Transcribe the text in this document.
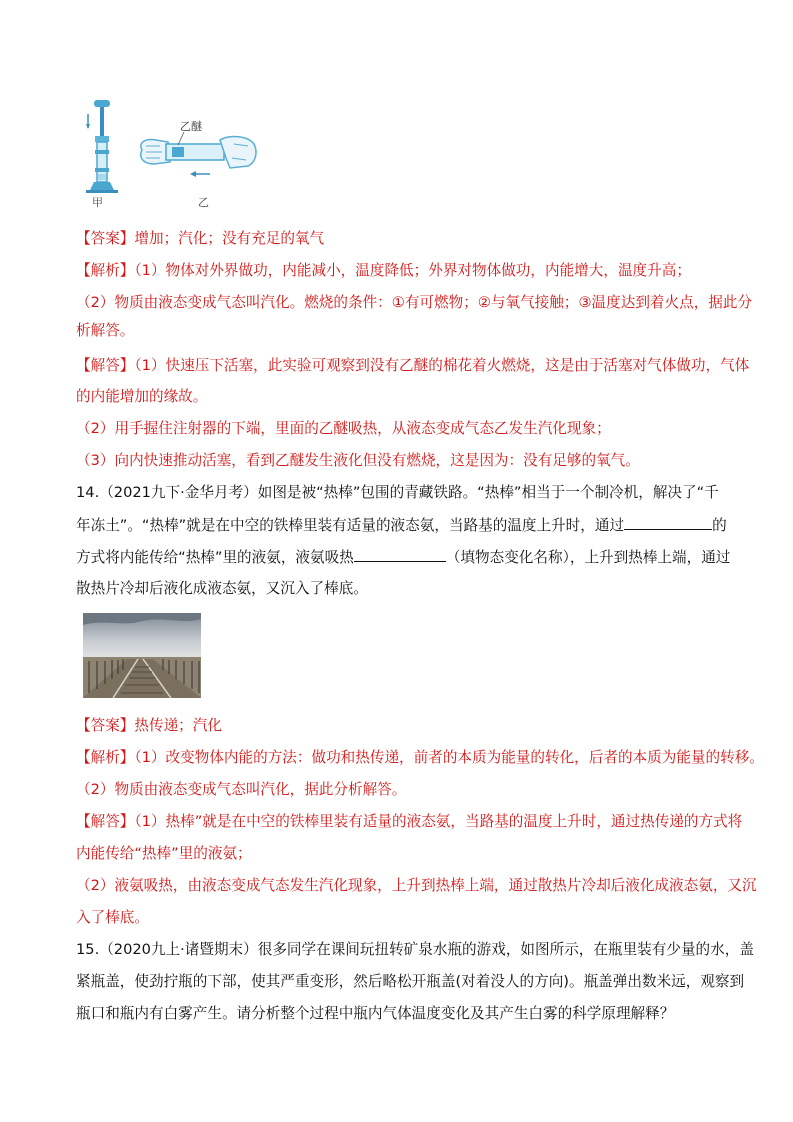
甲
乙醚
乙
【答案】增加；汽化；没有充足的氧气
【解析】（1）物体对外界做功，内能减小，温度降低；外界对物体做功，内能增大，温度升高；
（2）物质由液态变成气态叫汽化。燃烧的条件：①有可燃物；②与氧气接触；③温度达到着火点，据此分
析解答。
【解答】（1）快速压下活塞，此实验可观察到没有乙醚的棉花着火燃烧，这是由于活塞对气体做功，气体
的内能增加的缘故。
（2）用手握住注射器的下端，里面的乙醚吸热，从液态变成气态乙发生汽化现象；
（3）向内快速推动活塞，看到乙醚发生液化但没有燃烧，这是因为：没有足够的氧气。
14.（2021九下·金华月考）如图是被“热棒”包围的青藏铁路。“热棒”相当于一个制冷机，解决了“千
年冻土”。“热棒”就是在中空的铁棒里装有适量的液态氨，当路基的温度上升时，通过	的
方式将内能传给“热棒”里的液氨，液氨吸热	（填物态变化名称），上升到热棒上端，通过
散热片冷却后液化成液态氨，又沉入了棒底。
【答案】热传递；汽化
【解析】（1）改变物体内能的方法：做功和热传递，前者的本质为能量的转化，后者的本质为能量的转移。
（2）物质由液态变成气态叫汽化，据此分析解答。
【解答】（1）热棒”就是在中空的铁棒里装有适量的液态氨，当路基的温度上升时，通过热传递的方式将
内能传给“热棒”里的液氨；
（2）液氨吸热，由液态变成气态发生汽化现象，上升到热棒上端，通过散热片冷却后液化成液态氨，又沉
入了棒底。
15.（2020九上·诸暨期末）很多同学在课间玩扭转矿泉水瓶的游戏，如图所示，在瓶里装有少量的水，盖
紧瓶盖，使劲拧瓶的下部，使其严重变形，然后略松开瓶盖(对着没人的方向)。瓶盖弹出数米远，观察到
瓶口和瓶内有白雾产生。请分析整个过程中瓶内气体温度变化及其产生白雾的科学原理解释？
